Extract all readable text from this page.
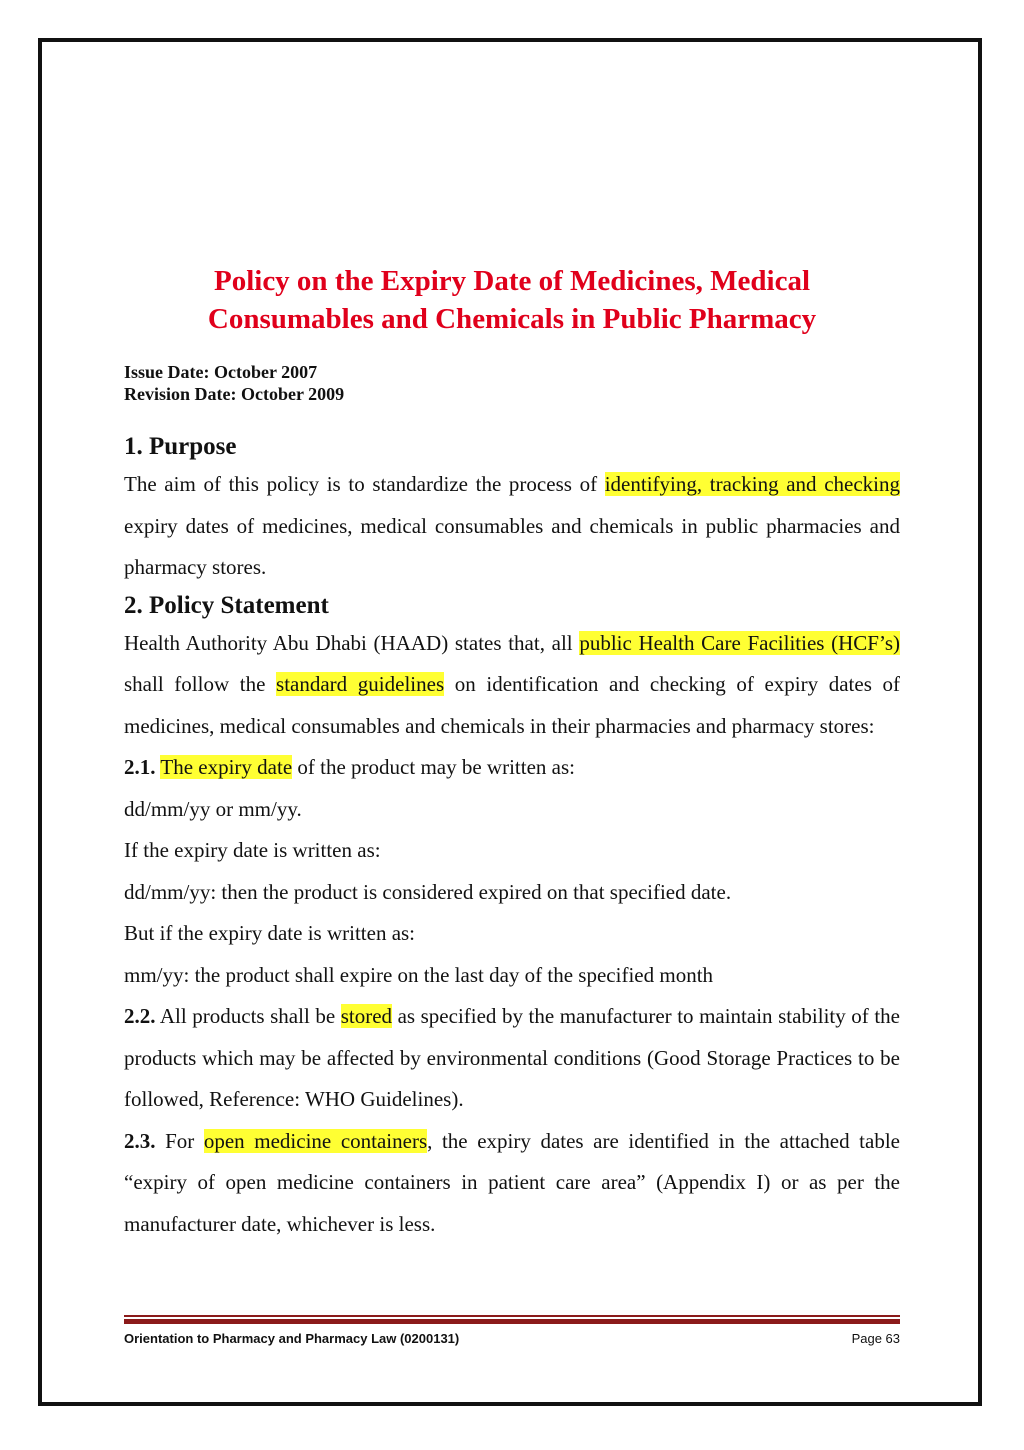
Policy on the Expiry Date of Medicines, Medical
Consumables and Chemicals in Public Pharmacy
Issue Date: October 2007
Revision Date: October 2009
1. Purpose

The aim of this policy is to standardize the process of identifying, tracking and checking expiry dates of medicines, medical consumables and chemicals in public pharmacies and pharmacy stores.

2. Policy Statement

Health Authority Abu Dhabi (HAAD) states that, all public Health Care Facilities (HCF’s) shall follow the standard guidelines on identification and checking of expiry dates of medicines, medical consumables and chemicals in their pharmacies and pharmacy stores:

2.1. The expiry date of the product may be written as:

dd/mm/yy or mm/yy.

If the expiry date is written as:

dd/mm/yy: then the product is considered expired on that specified date.

But if the expiry date is written as:

mm/yy: the product shall expire on the last day of the specified month

2.2. All products shall be stored as specified by the manufacturer to maintain stability of the products which may be affected by environmental conditions (Good Storage Practices to be followed, Reference: WHO Guidelines).

2.3. For open medicine containers, the expiry dates are identified in the attached table “expiry of open medicine containers in patient care area” (Appendix I) or as per the manufacturer date, whichever is less.

Orientation to Pharmacy and Pharmacy Law (0200131)	Page 63
